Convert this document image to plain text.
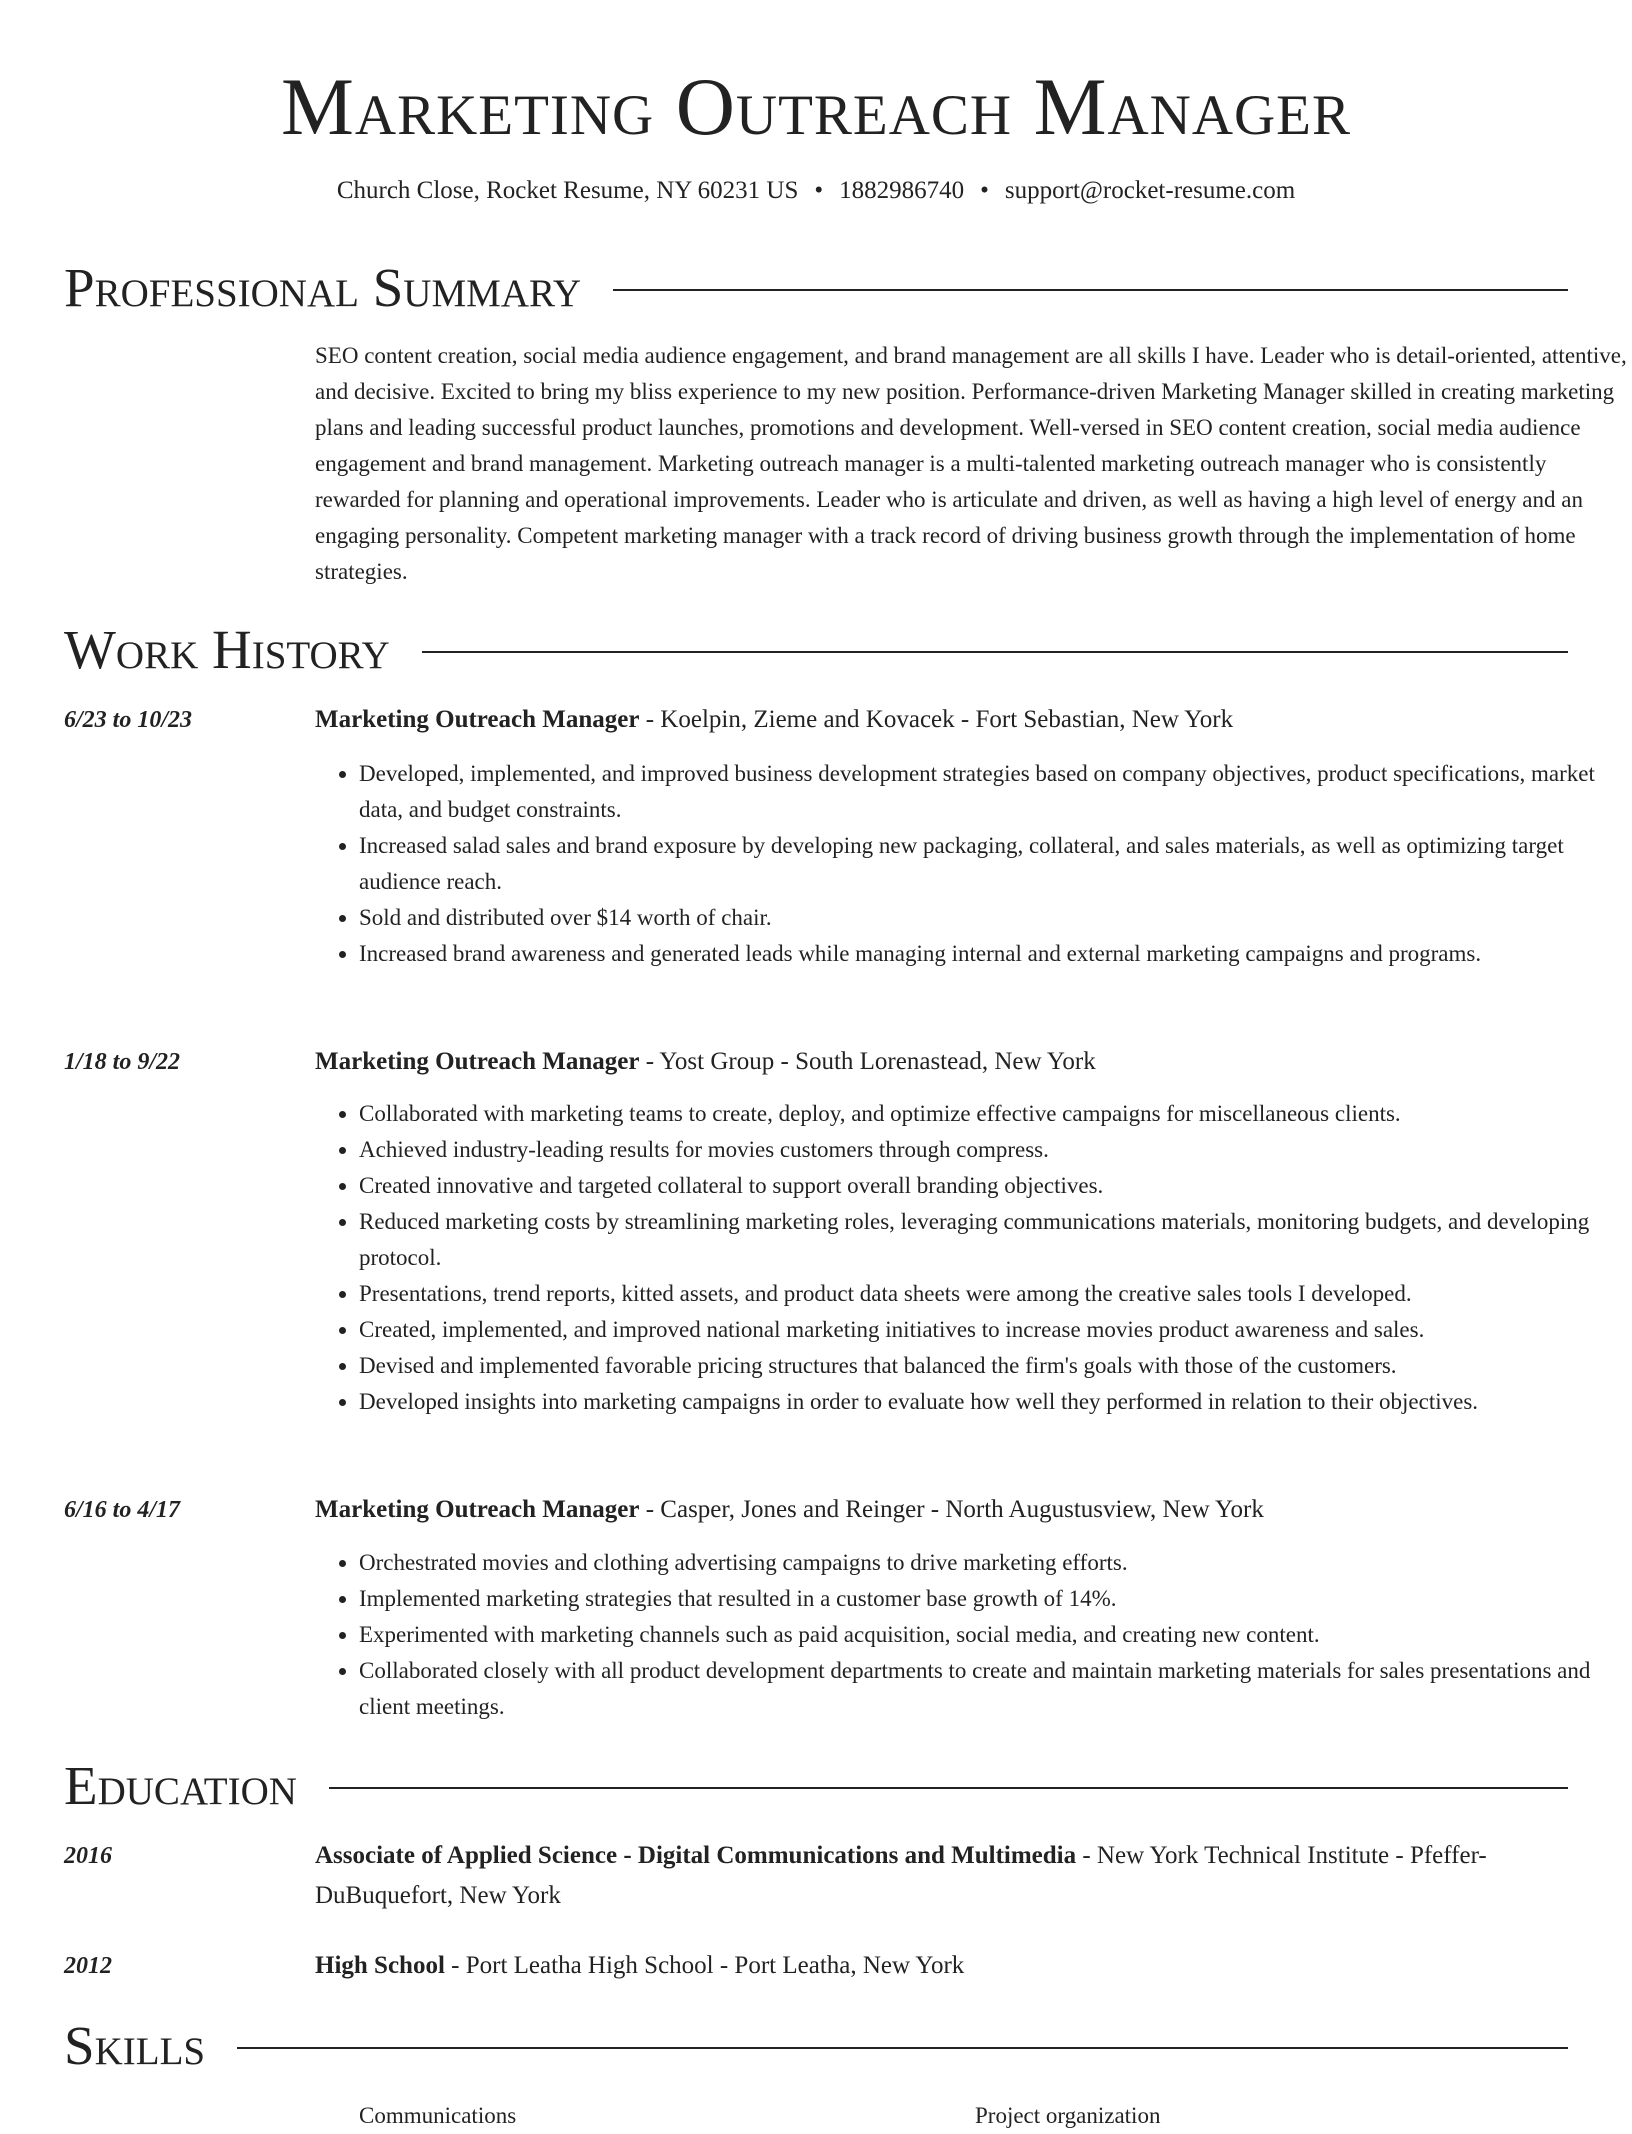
Marketing Outreach Manager
Church Close, Rocket Resume, NY 60231 US • 1882986740 • support@rocket-resume.com
Professional Summary
SEO content creation, social media audience engagement, and brand management are all skills I have. Leader who is detail-oriented, attentive, and decisive. Excited to bring my bliss experience to my new position. Performance-driven Marketing Manager skilled in creating marketing plans and leading successful product launches, promotions and development. Well-versed in SEO content creation, social media audience engagement and brand management. Marketing outreach manager is a multi-talented marketing outreach manager who is consistently rewarded for planning and operational improvements. Leader who is articulate and driven, as well as having a high level of energy and an engaging personality. Competent marketing manager with a track record of driving business growth through the implementation of home strategies.
Work History
6/23 to 10/23	Marketing Outreach Manager - Koelpin, Zieme and Kovacek - Fort Sebastian, New York
• Developed, implemented, and improved business development strategies based on company objectives, product specifications, market data, and budget constraints.
• Increased salad sales and brand exposure by developing new packaging, collateral, and sales materials, as well as optimizing target audience reach.
• Sold and distributed over $14 worth of chair.
• Increased brand awareness and generated leads while managing internal and external marketing campaigns and programs.
1/18 to 9/22	Marketing Outreach Manager - Yost Group - South Lorenastead, New York
• Collaborated with marketing teams to create, deploy, and optimize effective campaigns for miscellaneous clients.
• Achieved industry-leading results for movies customers through compress.
• Created innovative and targeted collateral to support overall branding objectives.
• Reduced marketing costs by streamlining marketing roles, leveraging communications materials, monitoring budgets, and developing protocol.
• Presentations, trend reports, kitted assets, and product data sheets were among the creative sales tools I developed.
• Created, implemented, and improved national marketing initiatives to increase movies product awareness and sales.
• Devised and implemented favorable pricing structures that balanced the firm's goals with those of the customers.
• Developed insights into marketing campaigns in order to evaluate how well they performed in relation to their objectives.
6/16 to 4/17	Marketing Outreach Manager - Casper, Jones and Reinger - North Augustusview, New York
• Orchestrated movies and clothing advertising campaigns to drive marketing efforts.
• Implemented marketing strategies that resulted in a customer base growth of 14%.
• Experimented with marketing channels such as paid acquisition, social media, and creating new content.
• Collaborated closely with all product development departments to create and maintain marketing materials for sales presentations and client meetings.
Education
2016	Associate of Applied Science - Digital Communications and Multimedia - New York Technical Institute - Pfeffer-DuBuquefort, New York
2012	High School - Port Leatha High School - Port Leatha, New York
Skills
Communications	Project organization
